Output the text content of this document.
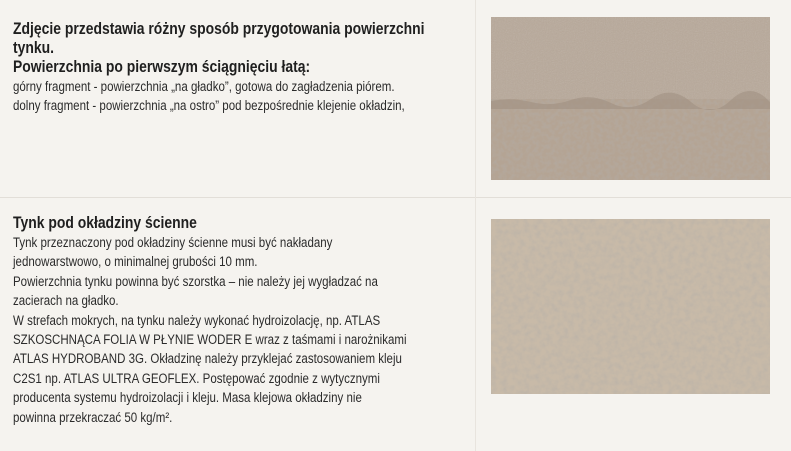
Zdjęcie przedstawia różny sposób przygotowania powierzchni
tynku.
Powierzchnia po pierwszym ściągnięciu łatą:

górny fragment - powierzchnia „na gładko”, gotowa do zagładzenia piórem.
dolny fragment - powierzchnia „na ostro” pod bezpośrednie klejenie okładzin,

Tynk pod okładziny ścienne

Tynk przeznaczony pod okładziny ścienne musi być nakładany
jednowarstwowo, o minimalnej grubości 10 mm.
Powierzchnia tynku powinna być szorstka – nie należy jej wygładzać na
zacierach na gładko.
W strefach mokrych, na tynku należy wykonać hydroizolację, np. ATLAS
SZKOSCHNĄCA FOLIA W PŁYNIE WODER E wraz z taśmami i narożnikami
ATLAS HYDROBAND 3G. Okładzinę należy przyklejać zastosowaniem kleju
C2S1 np. ATLAS ULTRA GEOFLEX. Postępować zgodnie z wytycznymi
producenta systemu hydroizolacji i kleju. Masa klejowa okładziny nie
powinna przekraczać 50 kg/m².
